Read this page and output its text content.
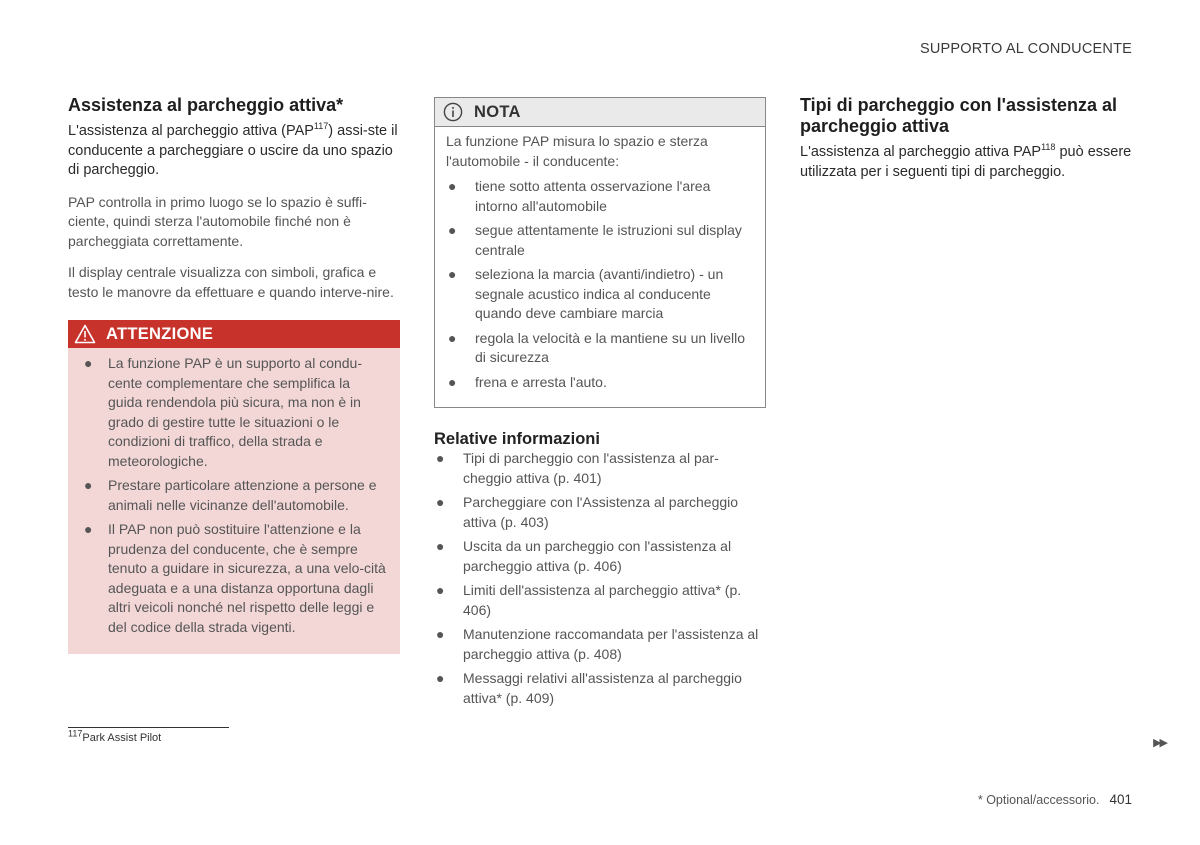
SUPPORTO AL CONDUCENTE
Assistenza al parcheggio attiva*

L'assistenza al parcheggio attiva (PAP$^{117}$) assi-ste il conducente a parcheggiare o uscire da uno spazio di parcheggio.

PAP controlla in primo luogo se lo spazio è suffi-ciente, quindi sterza l'automobile finché non è parcheggiata correttamente.

Il display centrale visualizza con simboli, grafica e testo le manovre da effettuare e quando interve-nire.

ATTENZIONE
● La funzione PAP è un supporto al condu-cente complementare che semplifica la guida rendendola più sicura, ma non è in grado di gestire tutte le situazioni o le condizioni di traffico, della strada e meteorologiche.
● Prestare particolare attenzione a persone e animali nelle vicinanze dell'automobile.
● Il PAP non può sostituire l'attenzione e la prudenza del conducente, che è sempre tenuto a guidare in sicurezza, a una velo-cità adeguata e a una distanza opportuna dagli altri veicoli nonché nel rispetto delle leggi e del codice della strada vigenti.
NOTA

La funzione PAP misura lo spazio e sterza l'automobile - il conducente:

● tiene sotto attenta osservazione l'area intorno all'automobile
● segue attentamente le istruzioni sul display centrale
● seleziona la marcia (avanti/indietro) - un segnale acustico indica al conducente quando deve cambiare marcia
● regola la velocità e la mantiene su un livello di sicurezza
● frena e arresta l'auto.
Relative informazioni
● Tipi di parcheggio con l'assistenza al par-cheggio attiva (p. 401)
● Parcheggiare con l'Assistenza al parcheggio attiva (p. 403)
● Uscita da un parcheggio con l'assistenza al parcheggio attiva (p. 406)
● Limiti dell'assistenza al parcheggio attiva* (p. 406)
● Manutenzione raccomandata per l'assistenza al parcheggio attiva (p. 408)
● Messaggi relativi all'assistenza al parcheggio attiva* (p. 409)
Tipi di parcheggio con l'assistenza al parcheggio attiva

L'assistenza al parcheggio attiva PAP$^{118}$ può essere utilizzata per i seguenti tipi di parcheggio.

$^{117}$Park Assist Pilot	▶▶
* Optional/accessorio. 401
